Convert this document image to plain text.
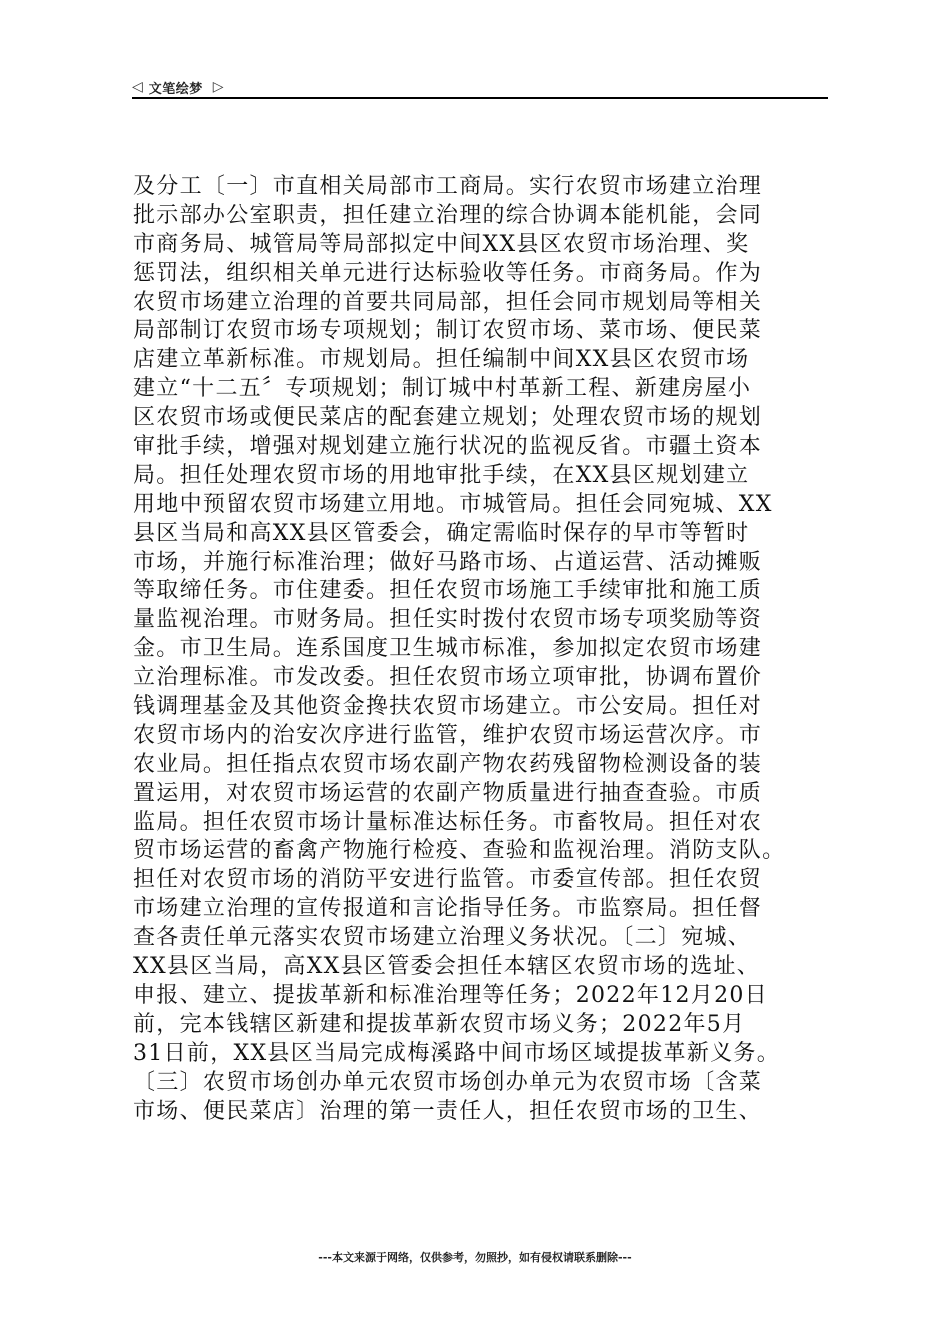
◁ 文笔绘梦 ▷
及分工〔一〕市直相关局部市工商局。实行农贸市场建立治理
批示部办公室职责，担任建立治理的综合协调本能机能，会同
市商务局、城管局等局部拟定中间XX县区农贸市场治理、奖
惩罚法，组织相关单元进行达标验收等任务。市商务局。作为
农贸市场建立治理的首要共同局部，担任会同市规划局等相关
局部制订农贸市场专项规划；制订农贸市场、菜市场、便民菜
店建立革新标准。市规划局。担任编制中间XX县区农贸市场
建立“十二五〞专项规划；制订城中村革新工程、新建房屋小
区农贸市场或便民菜店的配套建立规划；处理农贸市场的规划
审批手续，增强对规划建立施行状况的监视反省。市疆土资本
局。担任处理农贸市场的用地审批手续，在XX县区规划建立
用地中预留农贸市场建立用地。市城管局。担任会同宛城、XX
县区当局和高XX县区管委会，确定需临时保存的早市等暂时
市场，并施行标准治理；做好马路市场、占道运营、活动摊贩
等取缔任务。市住建委。担任农贸市场施工手续审批和施工质
量监视治理。市财务局。担任实时拨付农贸市场专项奖励等资
金。市卫生局。连系国度卫生城市标准，参加拟定农贸市场建
立治理标准。市发改委。担任农贸市场立项审批，协调布置价
钱调理基金及其他资金搀扶农贸市场建立。市公安局。担任对
农贸市场内的治安次序进行监管，维护农贸市场运营次序。市
农业局。担任指点农贸市场农副产物农药残留物检测设备的装
置运用，对农贸市场运营的农副产物质量进行抽查查验。市质
监局。担任农贸市场计量标准达标任务。市畜牧局。担任对农
贸市场运营的畜禽产物施行检疫、查验和监视治理。消防支队。
担任对农贸市场的消防平安进行监管。市委宣传部。担任农贸
市场建立治理的宣传报道和言论指导任务。市监察局。担任督
查各责任单元落实农贸市场建立治理义务状况。〔二〕宛城、
XX县区当局，高XX县区管委会担任本辖区农贸市场的选址、
申报、建立、提拔革新和标准治理等任务；2022年12月20日
前，完本钱辖区新建和提拔革新农贸市场义务；2022年5月
31日前，XX县区当局完成梅溪路中间市场区域提拔革新义务。
〔三〕农贸市场创办单元农贸市场创办单元为农贸市场〔含菜
市场、便民菜店〕治理的第一责任人，担任农贸市场的卫生、
---本文来源于网络，仅供参考，勿照抄，如有侵权请联系删除---
